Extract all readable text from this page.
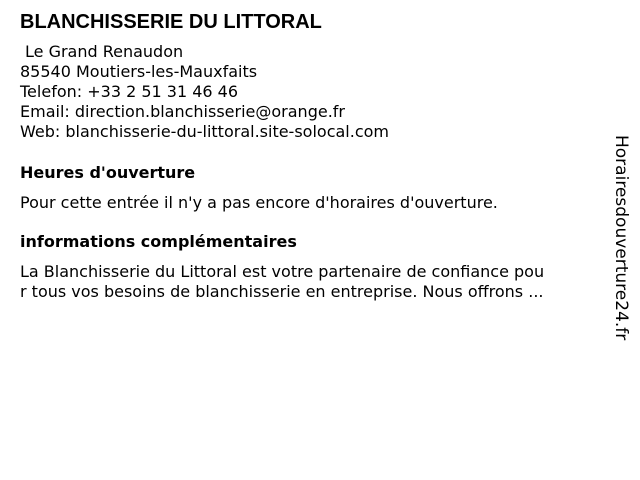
BLANCHISSERIE DU LITTORAL
Le Grand Renaudon
85540 Moutiers-les-Mauxfaits
Telefon: +33 2 51 31 46 46
Email: direction.blanchisserie@orange.fr
Web: blanchisserie-du-littoral.site-solocal.com
Heures d'ouverture

Pour cette entrée il n'y a pas encore d'horaires d'ouverture.

informations complémentaires

La Blanchisserie du Littoral est votre partenaire de confiance pou
r tous vos besoins de blanchisserie en entreprise. Nous offrons ...	Horairesdouverture24.fr
